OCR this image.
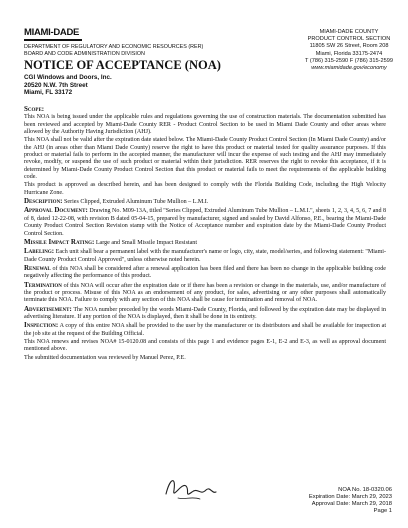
MIAMI-DADE
DEPARTMENT OF REGULATORY AND ECONOMIC RESOURCES (RER)
BOARD AND CODE ADMINISTRATION DIVISION
MIAMI-DADE COUNTY
PRODUCT CONTROL SECTION
11805 SW 26 Street, Room 208
Miami, Florida 33175-2474
T (786) 315-2590 F (786) 315-2599
www.miamidade.gov/economy
NOTICE OF ACCEPTANCE (NOA)
CGI Windows and Doors, Inc.
20520 N.W. 7th Street
Miami, FL 33172

Scope:
This NOA is being issued under the applicable rules and regulations governing the use of construction materials. The documentation submitted has been reviewed and accepted by Miami-Dade County RER - Product Control Section to be used in Miami Dade County and other areas where allowed by the Authority Having Jurisdiction (AHJ).

This NOA shall not be valid after the expiration date stated below. The Miami-Dade County Product Control Section (In Miami Dade County) and/or the AHJ (in areas other than Miami Dade County) reserve the right to have this product or material tested for quality assurance purposes. If this product or material fails to perform in the accepted manner, the manufacturer will incur the expense of such testing and the AHJ may immediately revoke, modify, or suspend the use of such product or material within their jurisdiction. RER reserves the right to revoke this acceptance, if it is determined by Miami-Dade County Product Control Section that this product or material fails to meet the requirements of the applicable building code.

This product is approved as described herein, and has been designed to comply with the Florida Building Code, including the High Velocity Hurricane Zone.

Description: Series Clipped, Extruded Aluminum Tube Mullion – L.M.I.

Approval Document: Drawing No. M09-13A, titled "Series Clipped, Extruded Aluminum Tube Mullion – L.M.I.", sheets 1, 2, 3, 4, 5, 6, 7 and 8 of 8, dated 12-22-08, with revision B dated 05-04-15, prepared by manufacturer, signed and sealed by David Alfonso, P.E., bearing the Miami-Dade County Product Control Section Revision stamp with the Notice of Acceptance number and expiration date by the Miami-Dade County Product Control Section.

Missile Impact Rating: Large and Small Missile Impact Resistant

Labeling: Each unit shall bear a permanent label with the manufacturer's name or logo, city, state, model/series, and following statement: "Miami-Dade County Product Control Approved", unless otherwise noted herein.

Renewal of this NOA shall be considered after a renewal application has been filed and there has been no change in the applicable building code negatively affecting the performance of this product.

Termination of this NOA will occur after the expiration date or if there has been a revision or change in the materials, use, and/or manufacture of the product or process. Misuse of this NOA as an endorsement of any product, for sales, advertising or any other purposes shall automatically terminate this NOA. Failure to comply with any section of this NOA shall be cause for termination and removal of NOA.

Advertisement: The NOA number preceded by the words Miami-Dade County, Florida, and followed by the expiration date may be displayed in advertising literature. If any portion of the NOA is displayed, then it shall be done in its entirety.

Inspection: A copy of this entire NOA shall be provided to the user by the manufacturer or its distributors and shall be available for inspection at the job site at the request of the Building Official.

This NOA renews and revises NOA# 15-0120.08 and consists of this page 1 and evidence pages E-1, E-2 and E-3, as well as approval document mentioned above.

The submitted documentation was reviewed by Manuel Perez, P.E.

NOA No. 18-0320.06
Expiration Date: March 29, 2023
Approval Date: March 29, 2018
Page 1
